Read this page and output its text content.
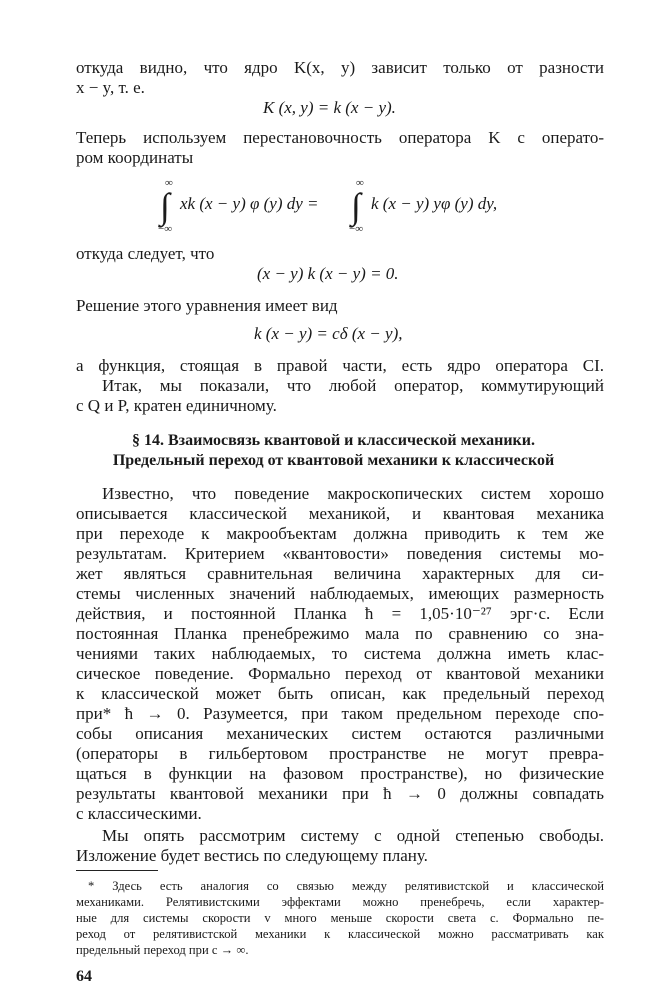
откуда видно, что ядро K(x, y) зависит только от разности
x − y, т. е.
K (x, y) = k (x − y).
Теперь используем перестановочность оператора K с операто-
ром координаты
∞
∫
−∞
xk (x − y) φ (y) dy =
∞
∫
−∞
k (x − y) yφ (y) dy,
откуда следует, что
(x − y) k (x − y) = 0.
Решение этого уравнения имеет вид
k (x − y) = cδ (x − y),
а функция, стоящая в правой части, есть ядро оператора CI.
Итак, мы показали, что любой оператор, коммутирующий
с Q и P, кратен единичному.
§ 14. Взаимосвязь квантовой и классической механики.
Предельный переход от квантовой механики к классической
Известно, что поведение макроскопических систем хорошо
описывается классической механикой, и квантовая механика
при переходе к макрообъектам должна приводить к тем же
результатам. Критерием «квантовости» поведения системы мо-
жет являться сравнительная величина характерных для си-
стемы численных значений наблюдаемых, имеющих размерность
действия, и постоянной Планка ħ = 1,05·10⁻²⁷ эрг·с. Если
постоянная Планка пренебрежимо мала по сравнению со зна-
чениями таких наблюдаемых, то система должна иметь клас-
сическое поведение. Формально переход от квантовой механики
к классической может быть описан, как предельный переход
при* ħ → 0. Разумеется, при таком предельном переходе спо-
собы описания механических систем остаются различными
(операторы в гильбертовом пространстве не могут превра-
щаться в функции на фазовом пространстве), но физические
результаты квантовой механики при ħ → 0 должны совпадать
с классическими.
Мы опять рассмотрим систему с одной степенью свободы.
Изложение будет вестись по следующему плану.
* Здесь есть аналогия со связью между релятивистской и классической
механиками. Релятивистскими эффектами можно пренебречь, если характер-
ные для системы скорости v много меньше скорости света c. Формально пе-
реход от релятивистской механики к классической можно рассматривать как
предельный переход при c → ∞.
64
